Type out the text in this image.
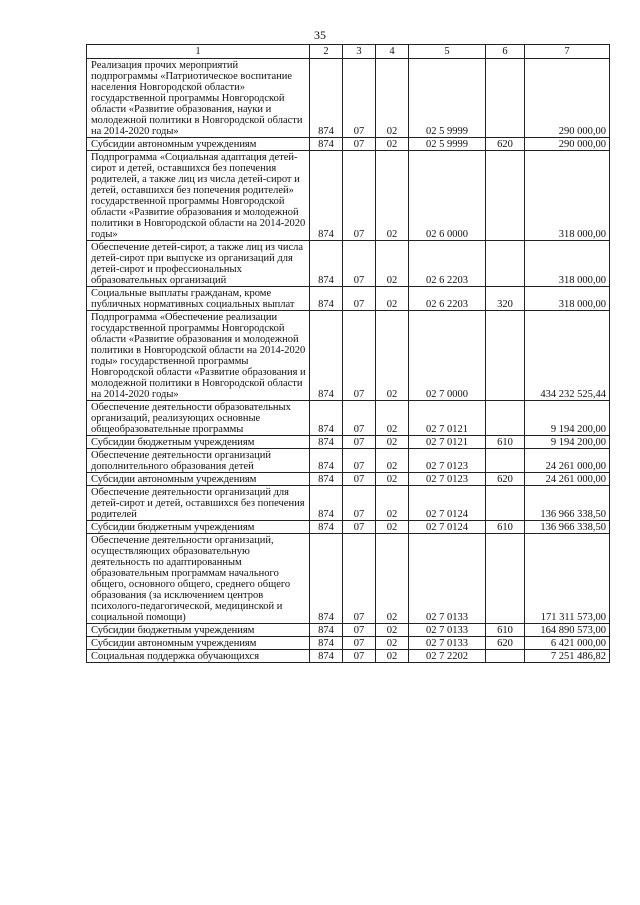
35
1	2	3	4	5	6	7
Реализация прочих мероприятий подпрограммы «Патриотическое воспитание населения Новгородской области» государственной программы Новгородской области «Развитие образования, науки и молодежной политики в Новгородской области на 2014-2020 годы»	874	07	02	02 5 9999		290 000,00
Субсидии автономным учреждениям	874	07	02	02 5 9999	620	290 000,00
Подпрограмма «Социальная адаптация детей-сирот и детей, оставшихся без попечения родителей, а также лиц из числа детей-сирот и детей, оставшихся без попечения родителей» государственной программы Новгородской области «Развитие образования и молодежной политики в Новгородской области на 2014-2020 годы»	874	07	02	02 6 0000		318 000,00
Обеспечение детей-сирот, а также лиц из числа детей-сирот при выпуске из организаций для детей-сирот и профессиональных образовательных организаций	874	07	02	02 6 2203		318 000,00
Социальные выплаты гражданам, кроме публичных нормативных социальных выплат	874	07	02	02 6 2203	320	318 000,00
Подпрограмма «Обеспечение реализации государственной программы Новгородской области «Развитие образования и молодежной политики в Новгородской области на 2014-2020 годы» государственной программы Новгородской области «Развитие образования и молодежной политики в Новгородской области на 2014-2020 годы»	874	07	02	02 7 0000		434 232 525,44
Обеспечение деятельности образовательных организаций, реализующих основные общеобразовательные программы	874	07	02	02 7 0121		9 194 200,00
Субсидии бюджетным учреждениям	874	07	02	02 7 0121	610	9 194 200,00
Обеспечение деятельности организаций дополнительного образования детей	874	07	02	02 7 0123		24 261 000,00
Субсидии автономным учреждениям	874	07	02	02 7 0123	620	24 261 000,00
Обеспечение деятельности организаций для детей-сирот и детей, оставшихся без попечения родителей	874	07	02	02 7 0124		136 966 338,50
Субсидии бюджетным учреждениям	874	07	02	02 7 0124	610	136 966 338,50
Обеспечение деятельности организаций, осуществляющих образовательную деятельность по адаптированным образовательным программам начального общего, основного общего, среднего общего образования (за исключением центров психолого-педагогической, медицинской и социальной помощи)	874	07	02	02 7 0133		171 311 573,00
Субсидии бюджетным учреждениям	874	07	02	02 7 0133	610	164 890 573,00
Субсидии автономным учреждениям	874	07	02	02 7 0133	620	6 421 000,00
Социальная поддержка обучающихся	874	07	02	02 7 2202		7 251 486,82
